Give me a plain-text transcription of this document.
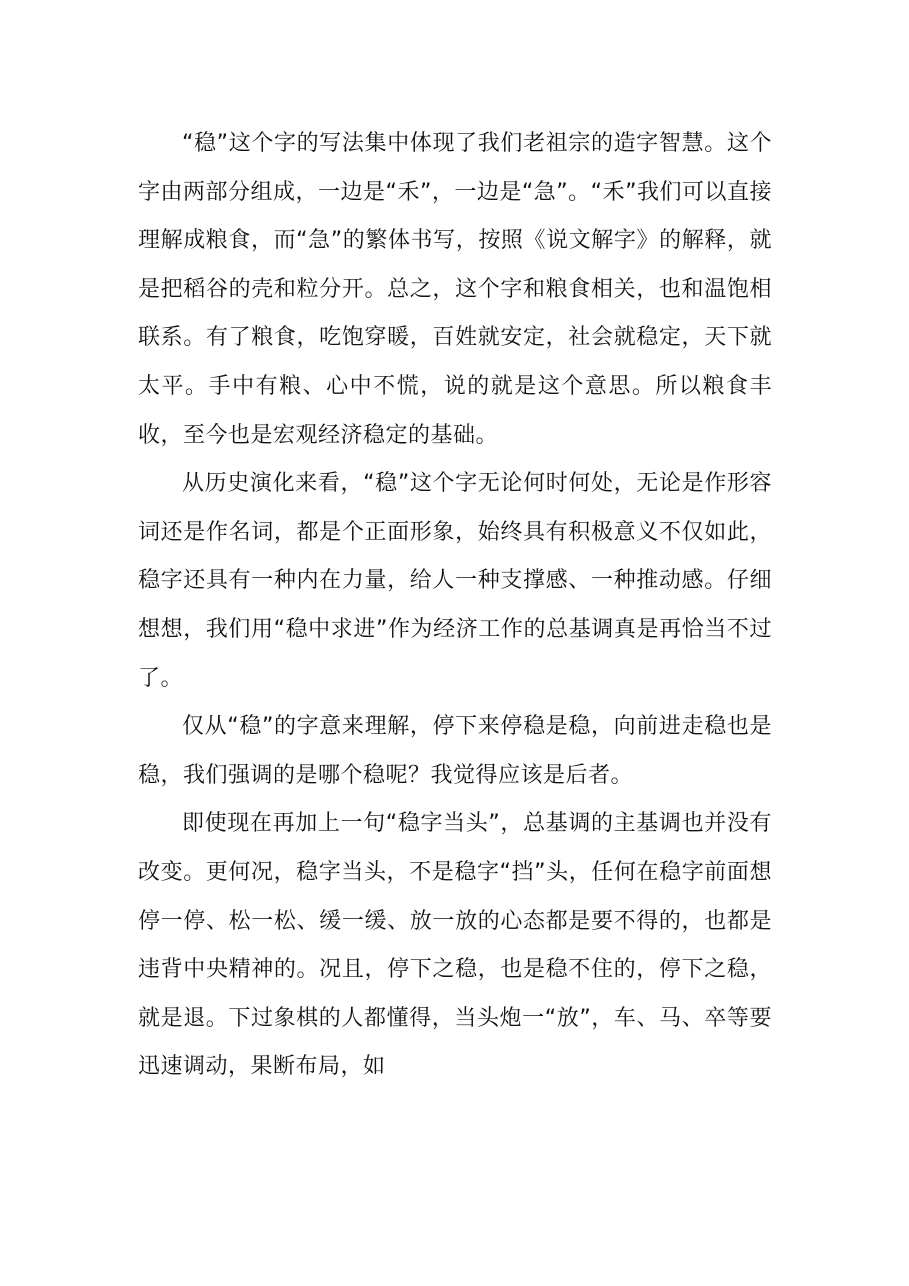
“稳”这个字的写法集中体现了我们老祖宗的造字智慧。这个字由两部分组成，一边是“禾”，一边是“急”。“禾”我们可以直接理解成粮食，而“急”的繁体书写，按照《说文解字》的解释，就是把稻谷的壳和粒分开。总之，这个字和粮食相关，也和温饱相联系。有了粮食，吃饱穿暖，百姓就安定，社会就稳定，天下就太平。手中有粮、心中不慌，说的就是这个意思。所以粮食丰收，至今也是宏观经济稳定的基础。

从历史演化来看，“稳”这个字无论何时何处，无论是作形容词还是作名词，都是个正面形象，始终具有积极意义不仅如此，稳字还具有一种内在力量，给人一种支撑感、一种推动感。仔细想想，我们用“稳中求进”作为经济工作的总基调真是再恰当不过了。

仅从“稳”的字意来理解，停下来停稳是稳，向前进走稳也是稳，我们强调的是哪个稳呢？我觉得应该是后者。

即使现在再加上一句“稳字当头”，总基调的主基调也并没有改变。更何况，稳字当头，不是稳字“挡”头，任何在稳字前面想停一停、松一松、缓一缓、放一放的心态都是要不得的，也都是违背中央精神的。况且，停下之稳，也是稳不住的，停下之稳，就是退。下过象棋的人都懂得，当头炮一“放”，车、马、卒等要迅速调动，果断布局，如
